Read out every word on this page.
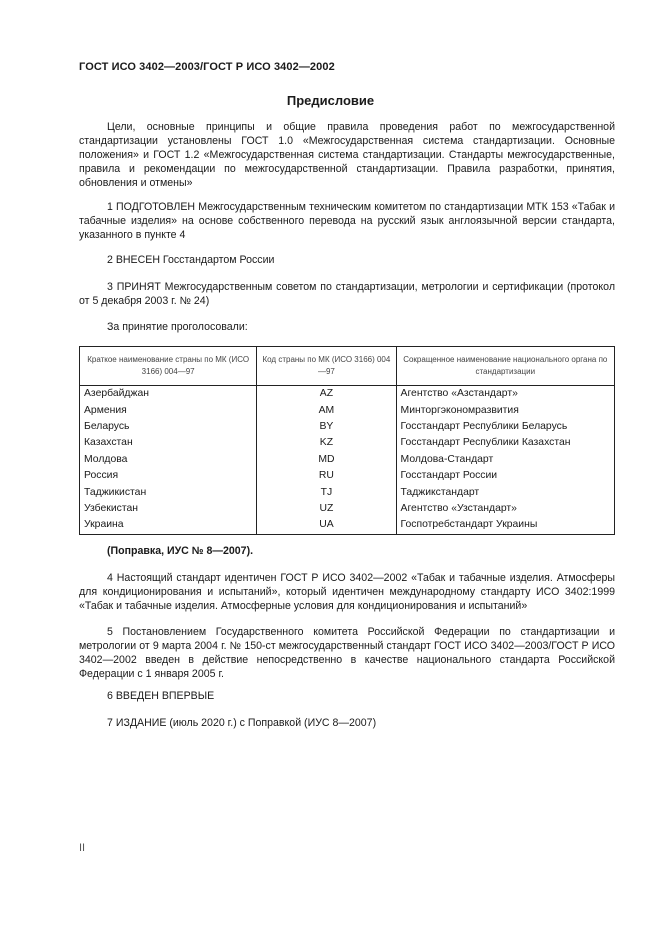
ГОСТ ИСО 3402—2003/ГОСТ Р ИСО 3402—2002
Предисловие
Цели, основные принципы и общие правила проведения работ по межгосударственной стандартизации установлены ГОСТ 1.0 «Межгосударственная система стандартизации. Основные положения» и ГОСТ 1.2 «Межгосударственная система стандартизации. Стандарты межгосударственные, правила и рекомендации по межгосударственной стандартизации. Правила разработки, принятия, обновления и отмены»
1 ПОДГОТОВЛЕН Межгосударственным техническим комитетом по стандартизации МТК 153 «Табак и табачные изделия» на основе собственного перевода на русский язык англоязычной версии стандарта, указанного в пункте 4
2 ВНЕСЕН Госстандартом России
3 ПРИНЯТ Межгосударственным советом по стандартизации, метрологии и сертификации (протокол от 5 декабря 2003 г. № 24)
За принятие проголосовали:
Краткое наименование страны по МК (ИСО 3166) 004—97	Код страны по МК (ИСО 3166) 004—97	Сокращенное наименование национального органа по стандартизации
Азербайджан	AZ	Агентство «Азстандарт»
Армения	AM	Минторгэкономразвития
Беларусь	BY	Госстандарт Республики Беларусь
Казахстан	KZ	Госстандарт Республики Казахстан
Молдова	MD	Молдова-Стандарт
Россия	RU	Госстандарт России
Таджикистан	TJ	Таджикстандарт
Узбекистан	UZ	Агентство «Узстандарт»
Украина	UA	Госпотребстандарт Украины
(Поправка, ИУС № 8—2007).
4 Настоящий стандарт идентичен ГОСТ Р ИСО 3402—2002 «Табак и табачные изделия. Атмосферы для кондиционирования и испытаний», который идентичен международному стандарту ИСО 3402:1999 «Табак и табачные изделия. Атмосферные условия для кондиционирования и испытаний»
5 Постановлением Государственного комитета Российской Федерации по стандартизации и метрологии от 9 марта 2004 г. № 150-ст межгосударственный стандарт ГОСТ ИСО 3402—2003/ГОСТ Р ИСО 3402—2002 введен в действие непосредственно в качестве национального стандарта Российской Федерации с 1 января 2005 г.
6 ВВЕДЕН ВПЕРВЫЕ
7 ИЗДАНИЕ (июль 2020 г.) с Поправкой (ИУС 8—2007)
II
